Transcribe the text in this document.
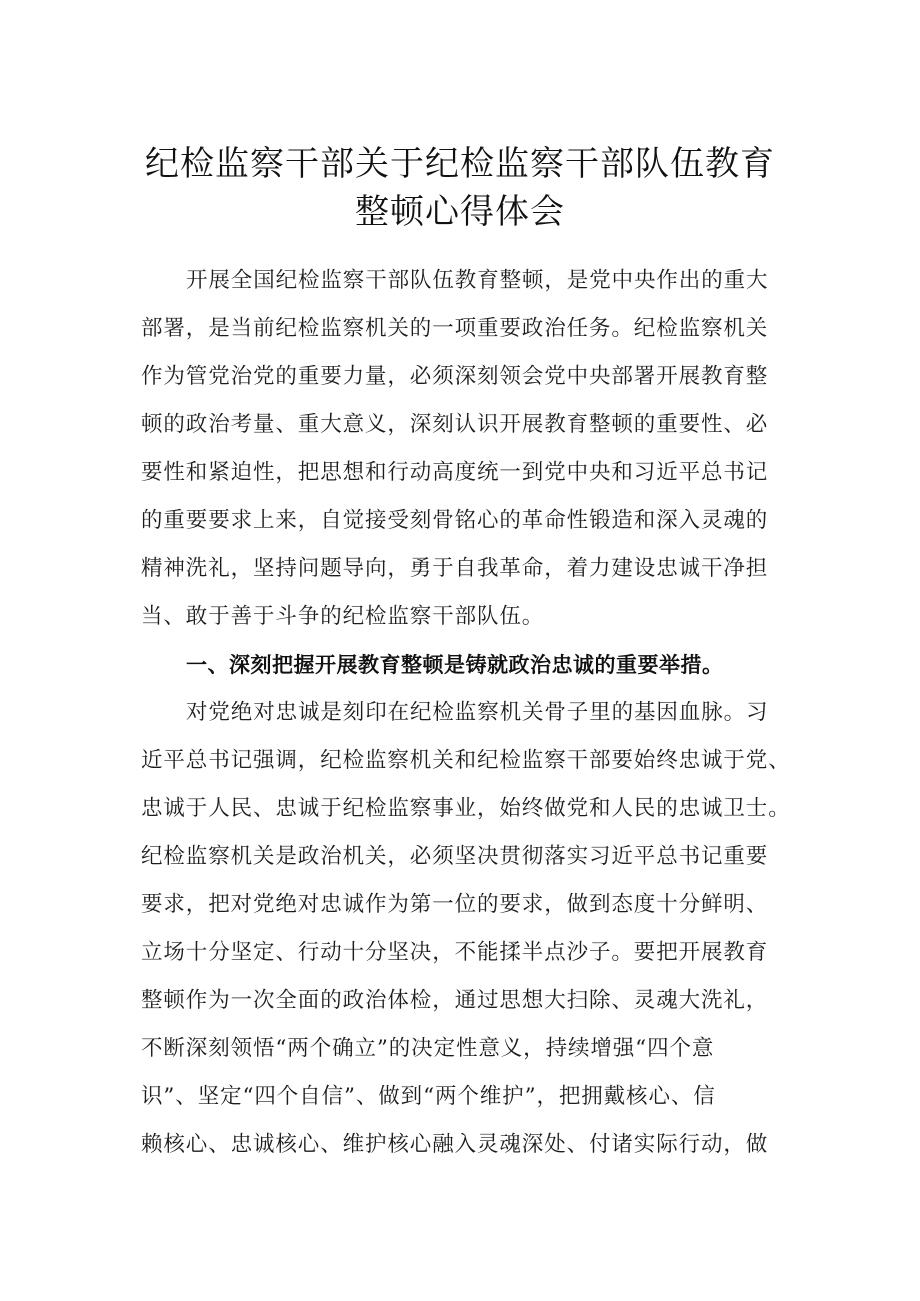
纪检监察干部关于纪检监察干部队伍教育
整顿心得体会
开展全国纪检监察干部队伍教育整顿，是党中央作出的重大
部署，是当前纪检监察机关的一项重要政治任务。纪检监察机关
作为管党治党的重要力量，必须深刻领会党中央部署开展教育整
顿的政治考量、重大意义，深刻认识开展教育整顿的重要性、必
要性和紧迫性，把思想和行动高度统一到党中央和习近平总书记
的重要要求上来，自觉接受刻骨铭心的革命性锻造和深入灵魂的
精神洗礼，坚持问题导向，勇于自我革命，着力建设忠诚干净担
当、敢于善于斗争的纪检监察干部队伍。
一、深刻把握开展教育整顿是铸就政治忠诚的重要举措。
对党绝对忠诚是刻印在纪检监察机关骨子里的基因血脉。习
近平总书记强调，纪检监察机关和纪检监察干部要始终忠诚于党、
忠诚于人民、忠诚于纪检监察事业，始终做党和人民的忠诚卫士。
纪检监察机关是政治机关，必须坚决贯彻落实习近平总书记重要
要求，把对党绝对忠诚作为第一位的要求，做到态度十分鲜明、
立场十分坚定、行动十分坚决，不能揉半点沙子。要把开展教育
整顿作为一次全面的政治体检，通过思想大扫除、灵魂大洗礼，
不断深刻领悟“两个确立”的决定性意义，持续增强“四个意
识”、坚定“四个自信”、做到“两个维护”，把拥戴核心、信
赖核心、忠诚核心、维护核心融入灵魂深处、付诸实际行动，做
